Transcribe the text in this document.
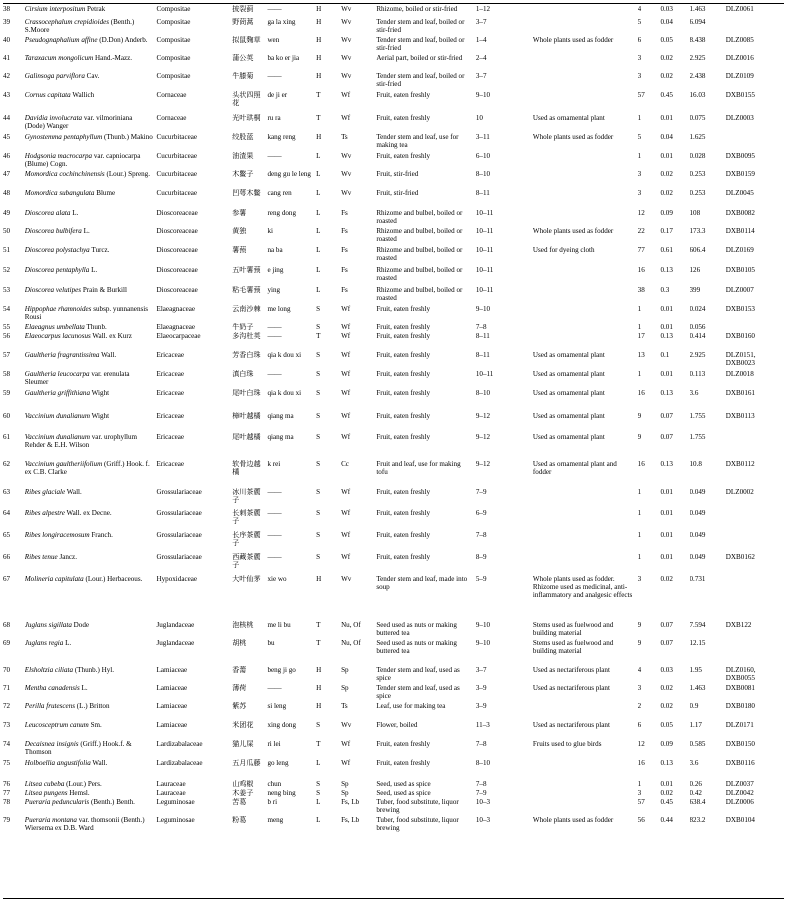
38	Cirsium interpositum Petrak	Compositae	披裂蓟	——	H	Wv	Rhizome, boiled or stir-fried	1–12		4	0.03	1.463	DLZ0061
39	Crassocephalum crepidioides (Benth.) S.Moore	Compositae	野茼蒿	ga la xing	H	Wv	Tender stem and leaf, boiled or stir-fried	3–7		5	0.04	6.094	
40	Pseudognaphalium affine (D.Don) Anderb.	Compositae	拟鼠麴草	wen	H	Wv	Tender stem and leaf, boiled or stir-fried	1–4	Whole plants used as fodder	6	0.05	8.438	DLZ0085
41	Taraxacum mongolicum Hand.-Mazz.	Compositae	蒲公英	ba ko er jia	H	Wv	Aerial part, boiled or stir-fried	2–4		3	0.02	2.925	DLZ0016
42	Galinsoga parviflora Cav.	Compositae	牛膝菊	——	H	Wv	Tender stem and leaf, boiled or stir-fried	3–7		3	0.02	2.438	DLZ0109
43	Cornus capitata Wallich	Cornaceae	头状四照花	de ji er	T	Wf	Fruit, eaten freshly	9–10		57	0.45	16.03	DXB0155
44	Davidia involucrata var. vilmoriniana (Dode) Wanger	Cornaceae	光叶珙桐	ru ra	T	Wf	Fruit, eaten freshly	10	Used as ornamental plant	1	0.01	0.075	DLZ0003
45	Gynostemma pentaphyllum (Thunb.) Makino	Cucurbitaceae	绞股蓝	kang reng	H	Ts	Tender stem and leaf, use for making tea	3–11	Whole plants used as fodder	5	0.04	1.625	
46	Hodgsonia macrocarpa var. capniocarpa (Blume) Cogn.	Cucurbitaceae	油渣果	——	L	Wv	Fruit, eaten freshly	6–10		1	0.01	0.028	DXB0095
47	Momordica cochinchinensis (Lour.) Spreng.	Cucurbitaceae	木鳖子	deng gu le leng	L	Wv	Fruit, stir-fried	8–10		3	0.02	0.253	DXB0159
48	Momordica subangulata Blume	Cucurbitaceae	凹萼木鳖	cang ren	L	Wv	Fruit, stir-fried	8–11		3	0.02	0.253	DLZ0045
49	Dioscorea alata L.	Dioscoreaceae	参薯	reng dong	L	Fs	Rhizome and bulbel, boiled or roasted	10–11		12	0.09	108	DXB0082
50	Dioscorea bulbifera L.	Dioscoreaceae	黄独	ki	L	Fs	Rhizome and bulbel, boiled or roasted	10–11	Whole plants used as fodder	22	0.17	173.3	DXB0114
51	Dioscorea polystachya Turcz.	Dioscoreaceae	薯蓣	na ba	L	Fs	Rhizome and bulbel, boiled or roasted	10–11	Used for dyeing cloth	77	0.61	606.4	DLZ0169
52	Dioscorea pentaphylla L.	Dioscoreaceae	五叶薯蓣	e jing	L	Fs	Rhizome and bulbel, boiled or roasted	10–11		16	0.13	126	DXB0105
53	Dioscorea velutipes Prain & Burkill	Dioscoreaceae	粘毛薯蓣	ying	L	Fs	Rhizome and bulbel, boiled or roasted	10–11		38	0.3	399	DLZ0007
54	Hippophae rhamnoides subsp. yunnanensis Rousi	Elaeagnaceae	云南沙棘	me long	S	Wf	Fruit, eaten freshly	9–10		1	0.01	0.024	DXB0153
55	Elaeagnus umbellata Thunb.	Elaeagnaceae	牛奶子	——	S	Wf	Fruit, eaten freshly	7–8		1	0.01	0.056	
56	Elaeocarpus lacunosus Wall. ex Kurz	Elaeocarpaceae	多沟杜英	——	T	Wf	Fruit, eaten freshly	8–11		17	0.13	0.414	DXB0160
57	Gaultheria fragrantissima Wall.	Ericaceae	芳香白珠	qia k dou xi	S	Wf	Fruit, eaten freshly	8–11	Used as ornamental plant	13	0.1	2.925	DLZ0151, DXB0023
58	Gaultheria leucocarpa var. erenulata Sleumer	Ericaceae	滇白珠	——	S	Wf	Fruit, eaten freshly	10–11	Used as ornamental plant	1	0.01	0.113	DLZ0018
59	Gaultheria griffithiana Wight	Ericaceae	尾叶白珠	qia k dou xi	S	Wf	Fruit, eaten freshly	8–10	Used as ornamental plant	16	0.13	3.6	DXB0161
60	Vaccinium dunalianum Wight	Ericaceae	樟叶越橘	qiang ma	S	Wf	Fruit, eaten freshly	9–12	Used as ornamental plant	9	0.07	1.755	DXB0113
61	Vaccinium dunalianum var. urophyllum Rehder & E.H. Wilson	Ericaceae	尾叶越橘	qiang ma	S	Wf	Fruit, eaten freshly	9–12	Used as ornamental plant	9	0.07	1.755	
62	Vaccinium gaultheriifolium (Griff.) Hook. f. ex C.B. Clarke	Ericaceae	软骨边越橘	k rei	S	Cc	Fruit and leaf, use for making tofu	9–12	Used as ornamental plant and fodder	16	0.13	10.8	DXB0112
63	Ribes glaciale Wall.	Grossulariaceae	冰川茶藨子	——	S	Wf	Fruit, eaten freshly	7–9		1	0.01	0.049	DLZ0002
64	Ribes alpestre Wall. ex Decne.	Grossulariaceae	长刺茶藨子	——	S	Wf	Fruit, eaten freshly	6–9		1	0.01	0.049	
65	Ribes longiracemosum Franch.	Grossulariaceae	长序茶藨子	——	S	Wf	Fruit, eaten freshly	7–8		1	0.01	0.049	
66	Ribes tenue Jancz.	Grossulariaceae	西藏茶藨子	——	S	Wf	Fruit, eaten freshly	8–9		1	0.01	0.049	DXB0162
67	Molineria capitulata (Lour.) Herbaceous.	Hypoxidaceae	大叶仙茅	xie wo	H	Wv	Tender stem and leaf, made into soup	5–9	Whole plants used as fodder. Rhizome used as medicinal, anti-inflammatory and analgesic effects	3	0.02	0.731	
68	Juglans sigillata Dode	Juglandaceae	泡核桃	me li bu	T	Nu, Of	Seed used as nuts or making buttered tea	9–10	Stems used as fuelwood and building material	9	0.07	7.594	DXB122
69	Juglans regia L.	Juglandaceae	胡桃	bu	T	Nu, Of	Seed used as nuts or making buttered tea	9–10	Stems used as fuelwood and building material	9	0.07	12.15	
70	Elsholtzia ciliata (Thunb.) Hyl.	Lamiaceae	香薷	beng ji go	H	Sp	Tender stem and leaf, used as spice	3–7	Used as nectariferous plant	4	0.03	1.95	DLZ0160, DXB0055
71	Mentha canadensis L.	Lamiaceae	薄荷	——	H	Sp	Tender stem and leaf, used as spice	3–9	Used as nectariferous plant	3	0.02	1.463	DXB0081
72	Perilla frutescens (L.) Britton	Lamiaceae	紫苏	si leng	H	Ts	Leaf, use for making tea	3–9		2	0.02	0.9	DXB0180
73	Leucosceptrum canum Sm.	Lamiaceae	米团花	xing dong	S	Wv	Flower, boiled	11–3	Used as nectariferous plant	6	0.05	1.17	DLZ0171
74	Decaisnea insignis (Griff.) Hook.f. & Thomson	Lardizabalaceae	猫儿屎	ri lei	T	Wf	Fruit, eaten freshly	7–8	Fruits used to glue birds	12	0.09	0.585	DXB0150
75	Holboellia angustifolia Wall.	Lardizabalaceae	五月瓜藤	go leng	L	Wf	Fruit, eaten freshly	8–10		16	0.13	3.6	DXB0116
76	Litsea cubeba (Lour.) Pers.	Lauraceae	山鸡椒	chun	S	Sp	Seed, used as spice	7–8		1	0.01	0.26	DLZ0037
77	Litsea pungens Hemsl.	Lauraceae	木姜子	neng bing	S	Sp	Seed, used as spice	7–9		3	0.02	0.42	DLZ0042
78	Pueraria peduncularis (Benth.) Benth.	Leguminosae	苦葛	b ri	L	Fs, Lb	Tuber, food substitute, liquor brewing	10–3		57	0.45	638.4	DLZ0006
79	Pueraria montana var. thomsonii (Benth.) Wiersema ex D.B. Ward	Leguminosae	粉葛	meng	L	Fs, Lb	Tuber, food substitute, liquor brewing	10–3	Whole plants used as fodder	56	0.44	823.2	DXB0104
